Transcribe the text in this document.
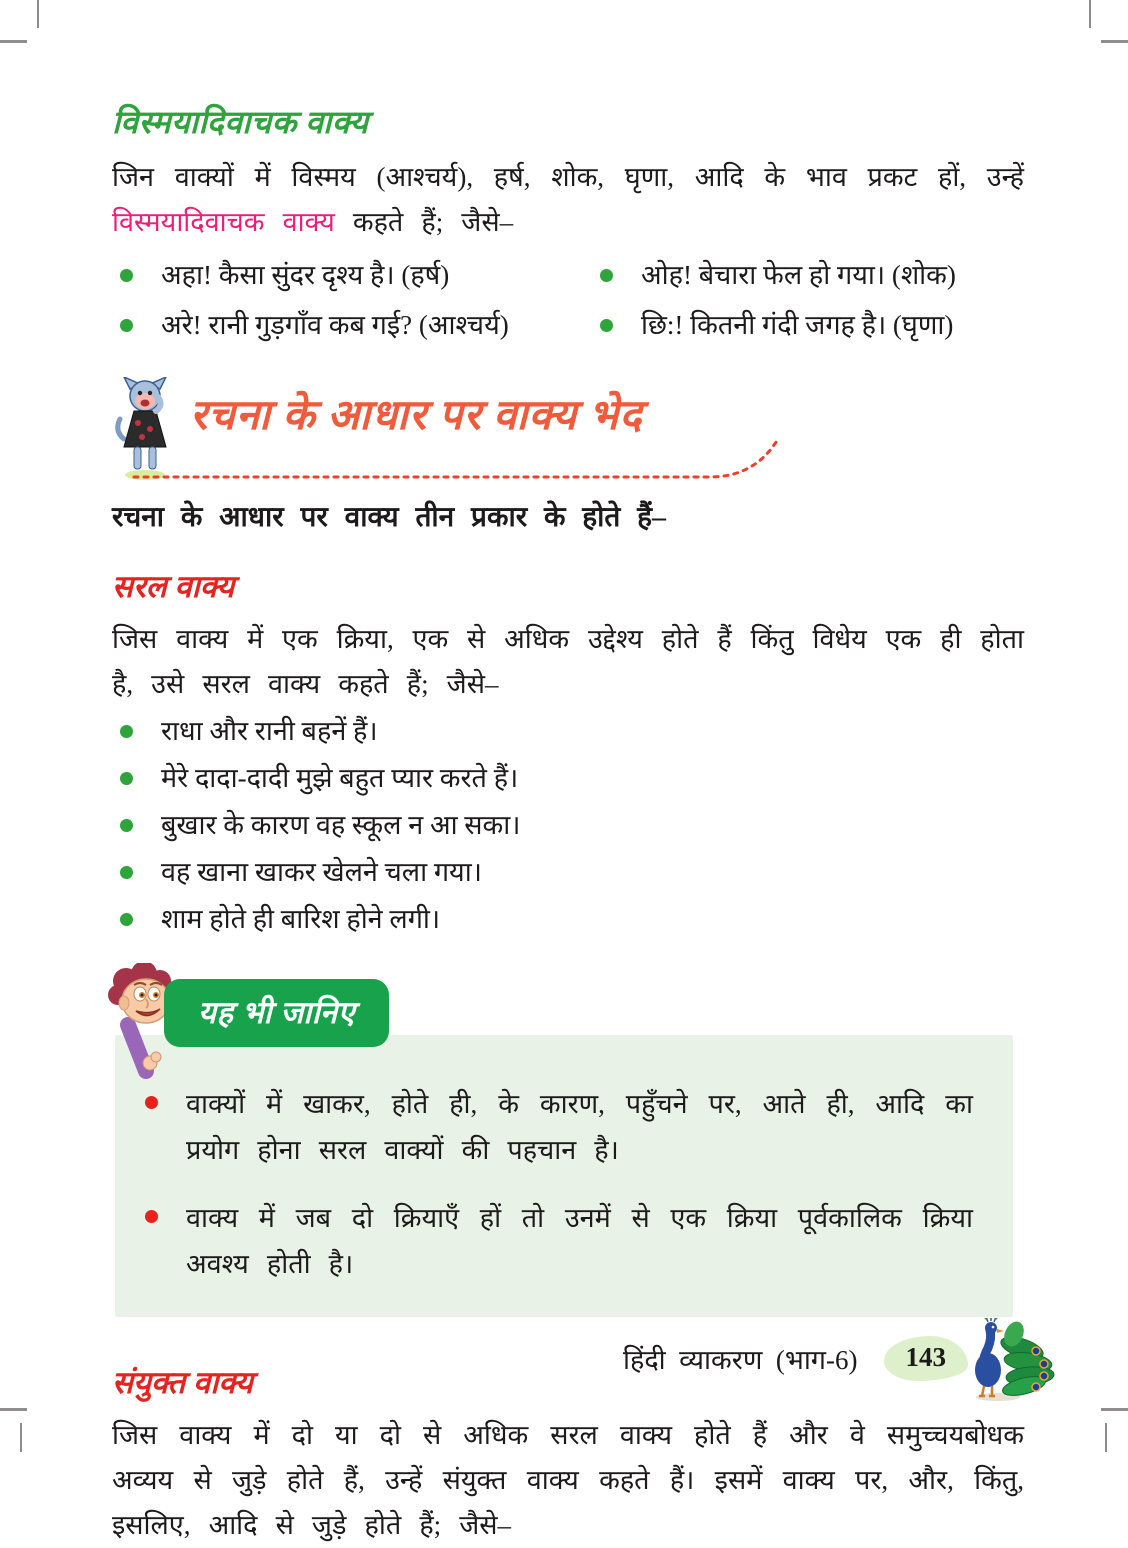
विस्मयादिवाचक वाक्य

जिन वाक्यों में विस्मय (आश्चर्य), हर्ष, शोक, घृणा, आदि के भाव प्रकट हों, उन्हें विस्मयादिवाचक वाक्य कहते हैं; जैसे–

अहा! कैसा सुंदर दृश्य है। (हर्ष)	ओह! बेचारा फेल हो गया। (शोक)
अरे! रानी गुड़गाँव कब गई? (आश्चर्य)	छि:! कितनी गंदी जगह है। (घृणा)
रचना के आधार पर वाक्य भेद

रचना के आधार पर वाक्य तीन प्रकार के होते हैं–

सरल वाक्य

जिस वाक्य में एक क्रिया, एक से अधिक उद्देश्य होते हैं किंतु विधेय एक ही होता है, उसे सरल वाक्य कहते हैं; जैसे–

राधा और रानी बहनें हैं।
मेरे दादा-दादी मुझे बहुत प्यार करते हैं।
बुखार के कारण वह स्कूल न आ सका।
वह खाना खाकर खेलने चला गया।
शाम होते ही बारिश होने लगी।
यह भी जानिए

वाक्यों में खाकर, होते ही, के कारण, पहुँचने पर, आते ही, आदि का प्रयोग होना सरल वाक्यों की पहचान है।

वाक्य में जब दो क्रियाएँ हों तो उनमें से एक क्रिया पूर्वकालिक क्रिया अवश्य होती है।

संयुक्त वाक्य

जिस वाक्य में दो या दो से अधिक सरल वाक्य होते हैं और वे समुच्चयबोधक अव्यय से जुड़े होते हैं, उन्हें संयुक्त वाक्य कहते हैं। इसमें वाक्य पर, और, किंतु, इसलिए, आदि से जुड़े होते हैं; जैसे–

हिंदी व्याकरण (भाग-6)	143
